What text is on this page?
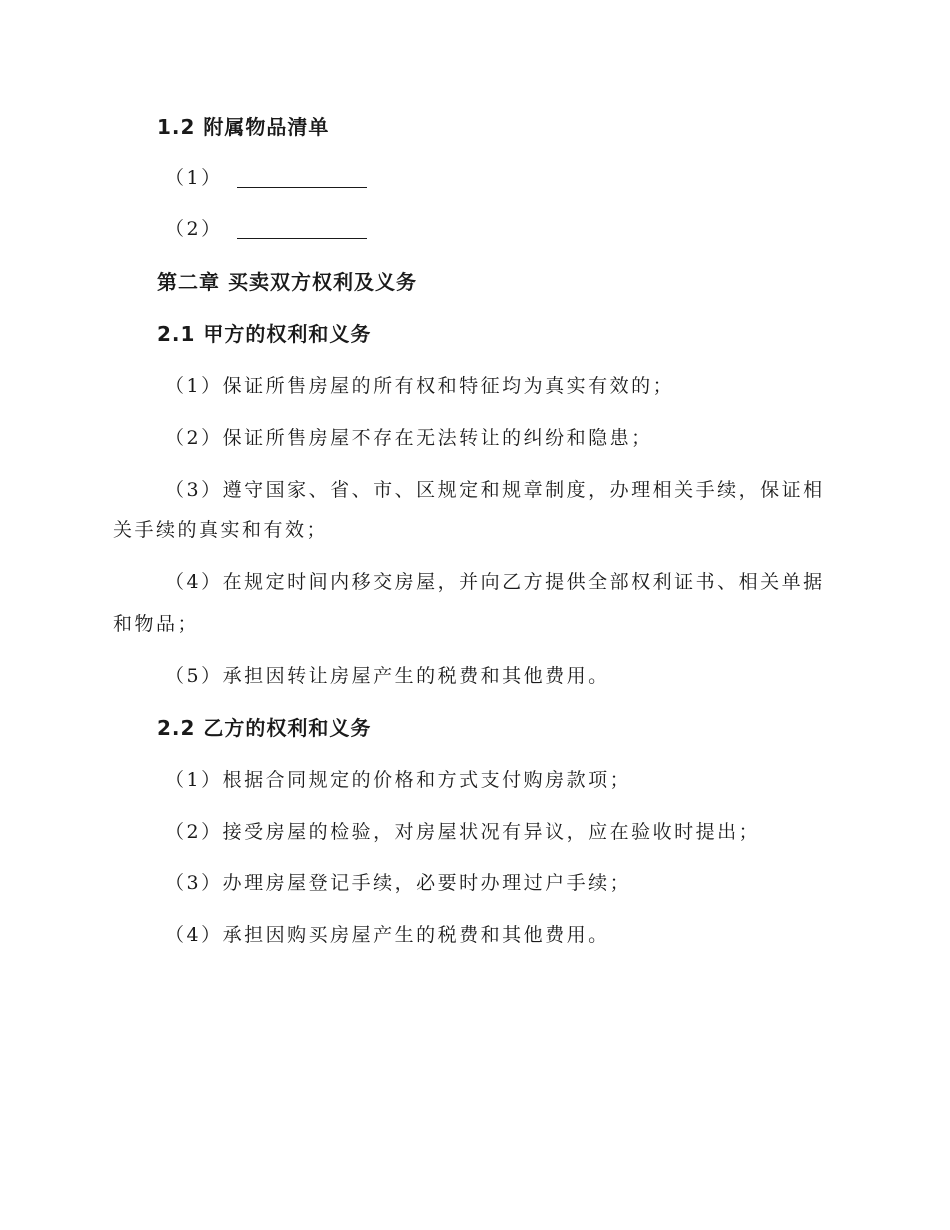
1.2 附属物品清单
（1）
（2）
第二章 买卖双方权利及义务
2.1 甲方的权利和义务
（1）保证所售房屋的所有权和特征均为真实有效的；
（2）保证所售房屋不存在无法转让的纠纷和隐患；
（3）遵守国家、省、市、区规定和规章制度，办理相关手续，保证相
关手续的真实和有效；
（4）在规定时间内移交房屋，并向乙方提供全部权利证书、相关单据
和物品；
（5）承担因转让房屋产生的税费和其他费用。
2.2 乙方的权利和义务
（1）根据合同规定的价格和方式支付购房款项；
（2）接受房屋的检验，对房屋状况有异议，应在验收时提出；
（3）办理房屋登记手续，必要时办理过户手续；
（4）承担因购买房屋产生的税费和其他费用。
